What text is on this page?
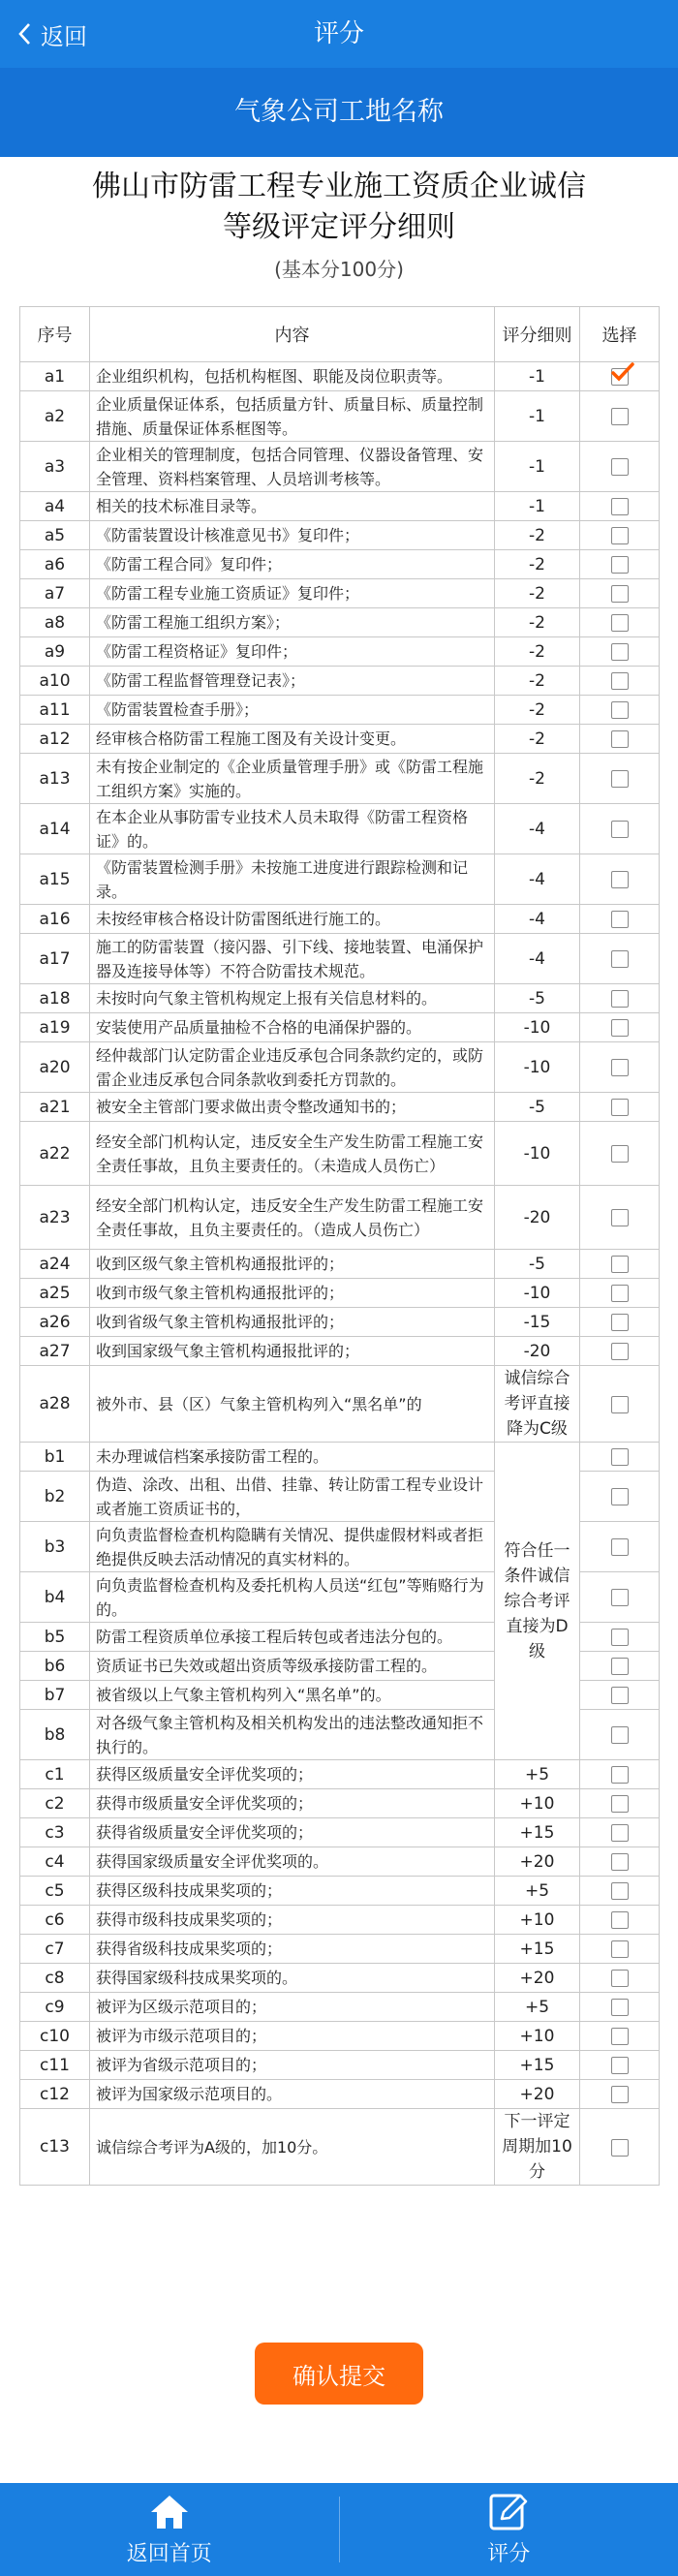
返回	评分
气象公司工地名称
佛山市防雷工程专业施工资质企业诚信
等级评定评分细则
(基本分100分)
序号	内容	评分细则	选择
a1	企业组织机构，包括机构框图、职能及岗位职责等。	-1	

a2	企业质量保证体系，包括质量方针、质量目标、质量控制措施、质量保证体系框图等。	-1	
a3	企业相关的管理制度，包括合同管理、仪器设备管理、安全管理、资料档案管理、人员培训考核等。	-1	
a4	相关的技术标准目录等。	-1	
a5	《防雷装置设计核准意见书》复印件；	-2	
a6	《防雷工程合同》复印件；	-2	
a7	《防雷工程专业施工资质证》复印件；	-2	
a8	《防雷工程施工组织方案》；	-2	
a9	《防雷工程资格证》复印件；	-2	
a10	《防雷工程监督管理登记表》；	-2	
a11	《防雷装置检查手册》；	-2	
a12	经审核合格防雷工程施工图及有关设计变更。	-2	
a13	未有按企业制定的《企业质量管理手册》或《防雷工程施工组织方案》实施的。	-2	
a14	在本企业从事防雷专业技术人员未取得《防雷工程资格证》的。	-4	
a15	《防雷装置检测手册》未按施工进度进行跟踪检测和记录。	-4	
a16	未按经审核合格设计防雷图纸进行施工的。	-4	
a17	施工的防雷装置（接闪器、引下线、接地装置、电涌保护器及连接导体等）不符合防雷技术规范。	-4	
a18	未按时向气象主管机构规定上报有关信息材料的。	-5	
a19	安装使用产品质量抽检不合格的电涌保护器的。	-10	
a20	经仲裁部门认定防雷企业违反承包合同条款约定的，或防雷企业违反承包合同条款收到委托方罚款的。	-10	
a21	被安全主管部门要求做出责令整改通知书的；	-5	
a22	经安全部门机构认定，违反安全生产发生防雷工程施工安全责任事故，且负主要责任的。（未造成人员伤亡）	-10	
a23	经安全部门机构认定，违反安全生产发生防雷工程施工安全责任事故，且负主要责任的。（造成人员伤亡）	-20	
a24	收到区级气象主管机构通报批评的；	-5	
a25	收到市级气象主管机构通报批评的；	-10	
a26	收到省级气象主管机构通报批评的；	-15	
a27	收到国家级气象主管机构通报批评的；	-20	
a28	被外市、县（区）气象主管机构列入“黑名单”的	诚信综合考评直接降为C级	
b1	未办理诚信档案承接防雷工程的。	符合任一条件诚信综合考评直接为D级	
b2	伪造、涂改、出租、出借、挂靠、转让防雷工程专业设计或者施工资质证书的，		
b3	向负责监督检查机构隐瞒有关情况、提供虚假材料或者拒绝提供反映去活动情况的真实材料的。		
b4	向负责监督检查机构及委托机构人员送“红包”等贿赂行为的。		
b5	防雷工程资质单位承接工程后转包或者违法分包的。		
b6	资质证书已失效或超出资质等级承接防雷工程的。		
b7	被省级以上气象主管机构列入“黑名单”的。		
b8	对各级气象主管机构及相关机构发出的违法整改通知拒不执行的。		
c1	获得区级质量安全评优奖项的；	+5	
c2	获得市级质量安全评优奖项的；	+10	
c3	获得省级质量安全评优奖项的；	+15	
c4	获得国家级质量安全评优奖项的。	+20	
c5	获得区级科技成果奖项的；	+5	
c6	获得市级科技成果奖项的；	+10	
c7	获得省级科技成果奖项的；	+15	
c8	获得国家级科技成果奖项的。	+20	
c9	被评为区级示范项目的；	+5	
c10	被评为市级示范项目的；	+10	
c11	被评为省级示范项目的；	+15	
c12	被评为国家级示范项目的。	+20	
c13	诚信综合考评为A级的，加10分。	下一评定周期加10分	
确认提交
返回首页	评分
